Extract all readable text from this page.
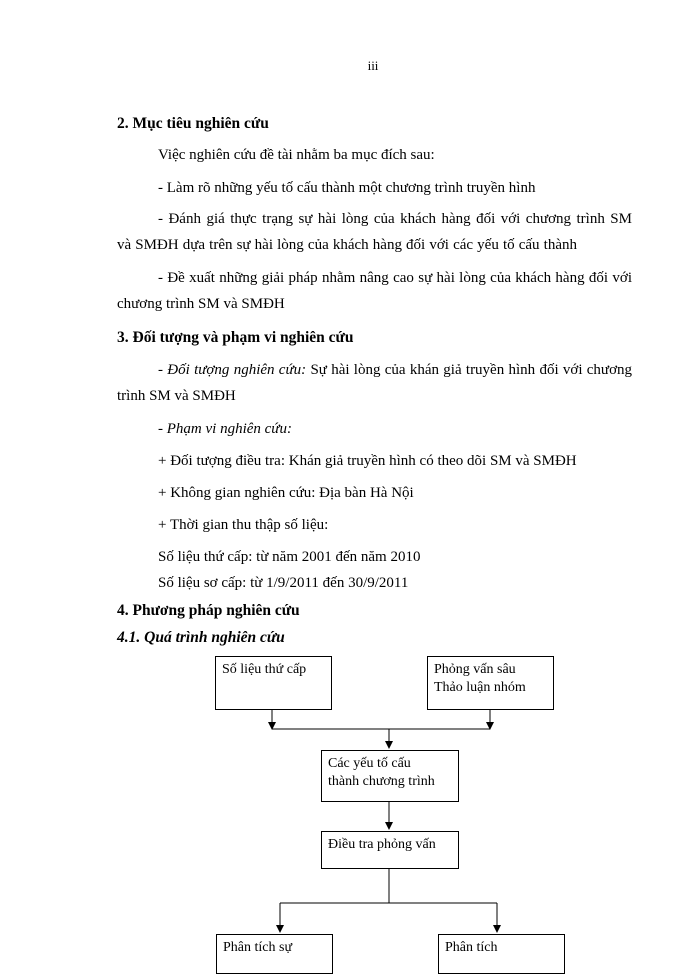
iii
2. Mục tiêu nghiên cứu
Việc nghiên cứu đề tài nhằm ba mục đích sau:
- Làm rõ những yếu tố cấu thành một chương trình truyền hình
- Đánh giá thực trạng sự hài lòng của khách hàng đối với chương trình SM
và SMĐH dựa trên sự hài lòng của khách hàng đối với các yếu tố cấu thành
- Đề xuất những giải pháp nhằm nâng cao sự hài lòng của khách hàng đối với
chương trình SM và SMĐH
3. Đối tượng và phạm vi nghiên cứu
- Đối tượng nghiên cứu: Sự hài lòng của khán giả truyền hình đối với chương
trình SM và SMĐH
- Phạm vi nghiên cứu:
+ Đối tượng điều tra: Khán giả truyền hình có theo dõi SM và SMĐH
+ Không gian nghiên cứu: Địa bàn Hà Nội
+ Thời gian thu thập số liệu:
Số liệu thứ cấp: từ năm 2001 đến năm 2010
Số liệu sơ cấp: từ 1/9/2011 đến 30/9/2011
4. Phương pháp nghiên cứu
4.1. Quá trình nghiên cứu
Số liệu thứ cấp	Phỏng vấn sâu
Thảo luận nhóm
Các yếu tố cấu
thành chương trình
Điều tra phỏng vấn
Phân tích sự	Phân tích
